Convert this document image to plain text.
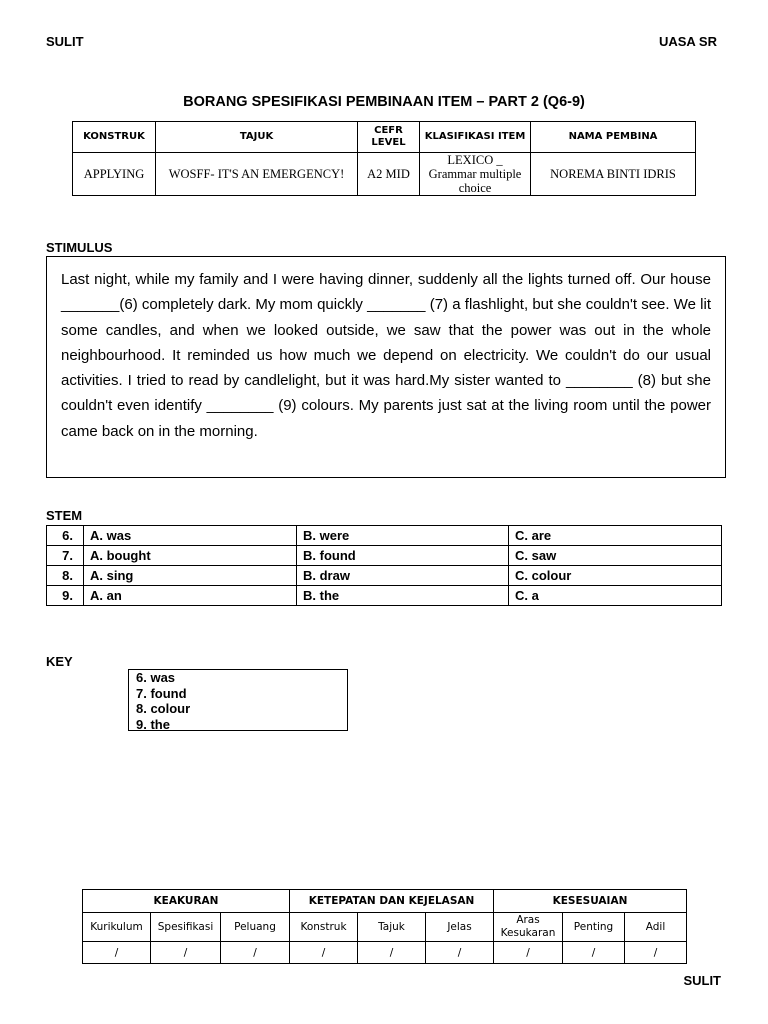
SULIT	UASA SR
BORANG SPESIFIKASI PEMBINAAN ITEM – PART 2 (Q6-9)
KONSTRUK	TAJUK	CEFR LEVEL	KLASIFIKASI ITEM	NAMA PEMBINA
APPLYING	WOSFF- IT'S AN EMERGENCY!	A2 MID	LEXICO _ Grammar multiple choice	NOREMA BINTI IDRIS
STIMULUS
Last night, while my family and I were having dinner, suddenly all the lights turned off. Our house _______(6) completely dark. My mom quickly _______ (7) a flashlight, but she couldn't see. We lit some candles, and when we looked outside, we saw that the power was out in the whole neighbourhood. It reminded us how much we depend on electricity. We couldn't do our usual activities. I tried to read by candlelight, but it was hard.My sister wanted to ________ (8) but she couldn't even identify ________ (9) colours. My parents just sat at the living room until the power came back on in the morning.
STEM
6.	A. was	B. were	C. are
7.	A. bought	B. found	C. saw
8.	A. sing	B. draw	C. colour
9.	A. an	B. the	C. a
KEY
6. was
7. found
8. colour
9. the
KEAKURAN			KETEPATAN DAN KEJELASAN			KESESUAIAN		
Kurikulum	Spesifikasi	Peluang	Konstruk	Tajuk	Jelas	Aras Kesukaran	Penting	Adil
/	/	/	/	/	/	/	/	/
SULIT
